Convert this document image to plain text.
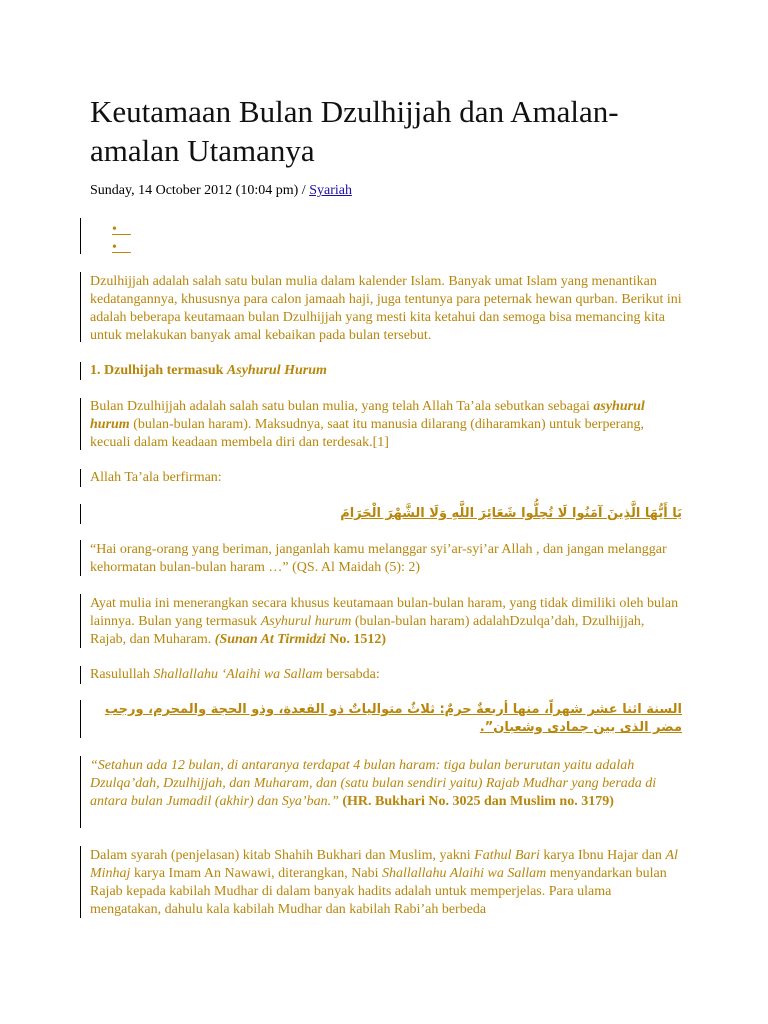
Keutamaan Bulan Dzulhijjah dan Amalan-amalan Utamanya
Sunday, 14 October 2012 (10:04 pm) / Syariah
•
•
Dzulhijjah adalah salah satu bulan mulia dalam kalender Islam. Banyak umat Islam yang menantikan kedatangannya, khususnya para calon jamaah haji, juga tentunya para peternak hewan qurban. Berikut ini adalah beberapa keutamaan bulan Dzulhijjah yang mesti kita ketahui dan semoga bisa memancing kita untuk melakukan banyak amal kebaikan pada bulan tersebut.
1. Dzulhijah termasuk Asyhurul Hurum
Bulan Dzulhijjah adalah salah satu bulan mulia, yang telah Allah Ta’ala sebutkan sebagai asyhurul hurum (bulan-bulan haram). Maksudnya, saat itu manusia dilarang (diharamkan) untuk berperang, kecuali dalam keadaan membela diri dan terdesak.[1]
Allah Ta’ala berfirman:
يَا أَيُّهَا الَّذِينَ آمَنُوا لَا تُحِلُّوا شَعَائِرَ اللَّهِ وَلَا الشَّهْرَ الْحَرَامَ
“Hai orang-orang yang beriman, janganlah kamu melanggar syi’ar-syi’ar Allah , dan jangan melanggar kehormatan bulan-bulan haram …” (QS. Al Maidah (5): 2)
Ayat mulia ini menerangkan secara khusus keutamaan bulan-bulan haram, yang tidak dimiliki oleh bulan lainnya. Bulan yang termasuk Asyhurul hurum (bulan-bulan haram) adalahDzulqa’dah, Dzulhijjah, Rajab, dan Muharam. (Sunan At Tirmidzi No. 1512)
Rasulullah Shallallahu ‘Alaihi wa Sallam bersabda:
السنة اثنا عشر شهراً، منها أربعةٌ حرمٌ: ثلاثٌ متوالياتٌ ذو القعدة، وذو الحجة والمحرم، ورجب مضر الذى بين جمادى وشعبان”.
“Setahun ada 12 bulan, di antaranya terdapat 4 bulan haram: tiga bulan berurutan yaitu adalah Dzulqa’dah, Dzulhijjah, dan Muharam, dan (satu bulan sendiri yaitu) Rajab Mudhar yang berada di antara bulan Jumadil (akhir) dan Sya’ban.” (HR. Bukhari No. 3025 dan Muslim no. 3179)
Dalam syarah (penjelasan) kitab Shahih Bukhari dan Muslim, yakni Fathul Bari karya Ibnu Hajar dan Al Minhaj karya Imam An Nawawi, diterangkan, Nabi Shallallahu Alaihi wa Sallam menyandarkan bulan Rajab kepada kabilah Mudhar di dalam banyak hadits adalah untuk memperjelas. Para ulama mengatakan, dahulu kala kabilah Mudhar dan kabilah Rabi’ah berbeda
